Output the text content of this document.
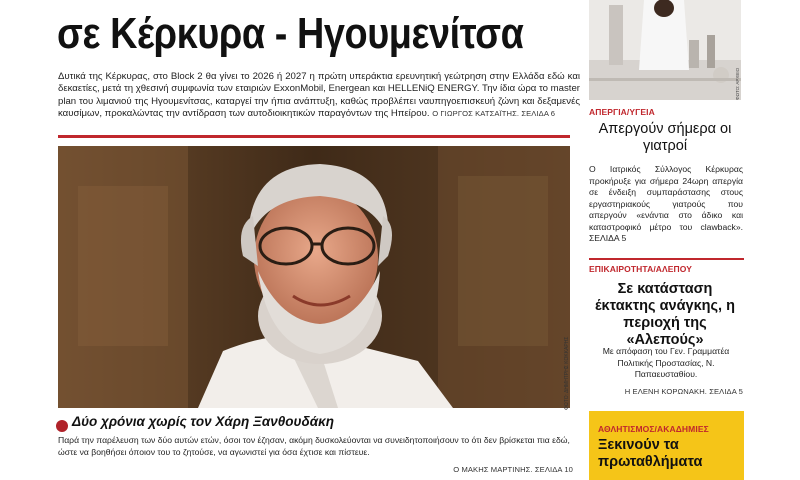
σε Κέρκυρα - Ηγουμενίτσα
Δυτικά της Κέρκυρας, στο Block 2 θα γίνει το 2026 ή 2027 η πρώτη υπεράκτια ερευνητική γεώτρηση στην Ελλάδα εδώ και δεκαετίες, μετά τη χθεσινή συμφωνία των εταιριών ExxonMobil, Energean και HELLENiQ ENERGY. Την ίδια ώρα το master plan του λιμανιού της Ηγουμενίτσας, καταργεί την ήπια ανάπτυξη, καθώς προβλέπει ναυπηγοεπισκευή ζώνη και δεξαμενές καυσίμων, προκαλώντας την αντίδραση των αυτοδιοικητικών παραγόντων της Ηπείρου. Ο ΓΙΩΡΓΟΣ ΚΑΤΣΑΪΤΗΣ. ΣΕΛΙΔΑ 6
ΦΩΤΟ: ΔΗΜΗΤΡΗΣ ΚΟΚΚΑΡΗΣ
Δύο χρόνια χωρίς τον Χάρη Ξανθουδάκη
Παρά την παρέλευση των δύο αυτών ετών, όσοι τον έζησαν, ακόμη δυσκολεύονται να συνειδητοποιήσουν το ότι δεν βρίσκεται πια εδώ, ώστε να βοηθήσει όποιον του το ζητούσε, να αγωνιστεί για όσα έχτισε και πίστευε.
Ο ΜΑΚΗΣ ΜΑΡΤΙΝΗΣ. ΣΕΛΙΔΑ 10
ΦΩΤΟ: ΑΡΧΕΙΟ
ΑΠΕΡΓΙΑ/ΥΓΕΙΑ
Απεργούν σήμερα οι γιατροί
Ο Ιατρικός Σύλλογος Κέρκυρας προκήρυξε για σήμερα 24ωρη απεργία σε ένδειξη συμπαράστασης στους εργαστηριακούς γιατρούς που απεργούν «ενάντια στο άδικο και καταστροφικό μέτρο του clawback». ΣΕΛΙΔΑ 5
ΕΠΙΚΑΙΡΟΤΗΤΑ/ΑΛΕΠΟΥ
Σε κατάσταση έκτακτης ανάγκης, η περιοχή της «Αλεπούς»
Με απόφαση του Γεν. Γραμματέα Πολιτικής Προστασίας, Ν. Παπαευσταθίου.
Η ΕΛΕΝΗ ΚΟΡΩΝΑΚΗ. ΣΕΛΙΔΑ 5
ΑΘΛΗΤΙΣΜΟΣ/ΑΚΑΔΗΜΙΕΣ
Ξεκινούν τα πρωταθλήματα
